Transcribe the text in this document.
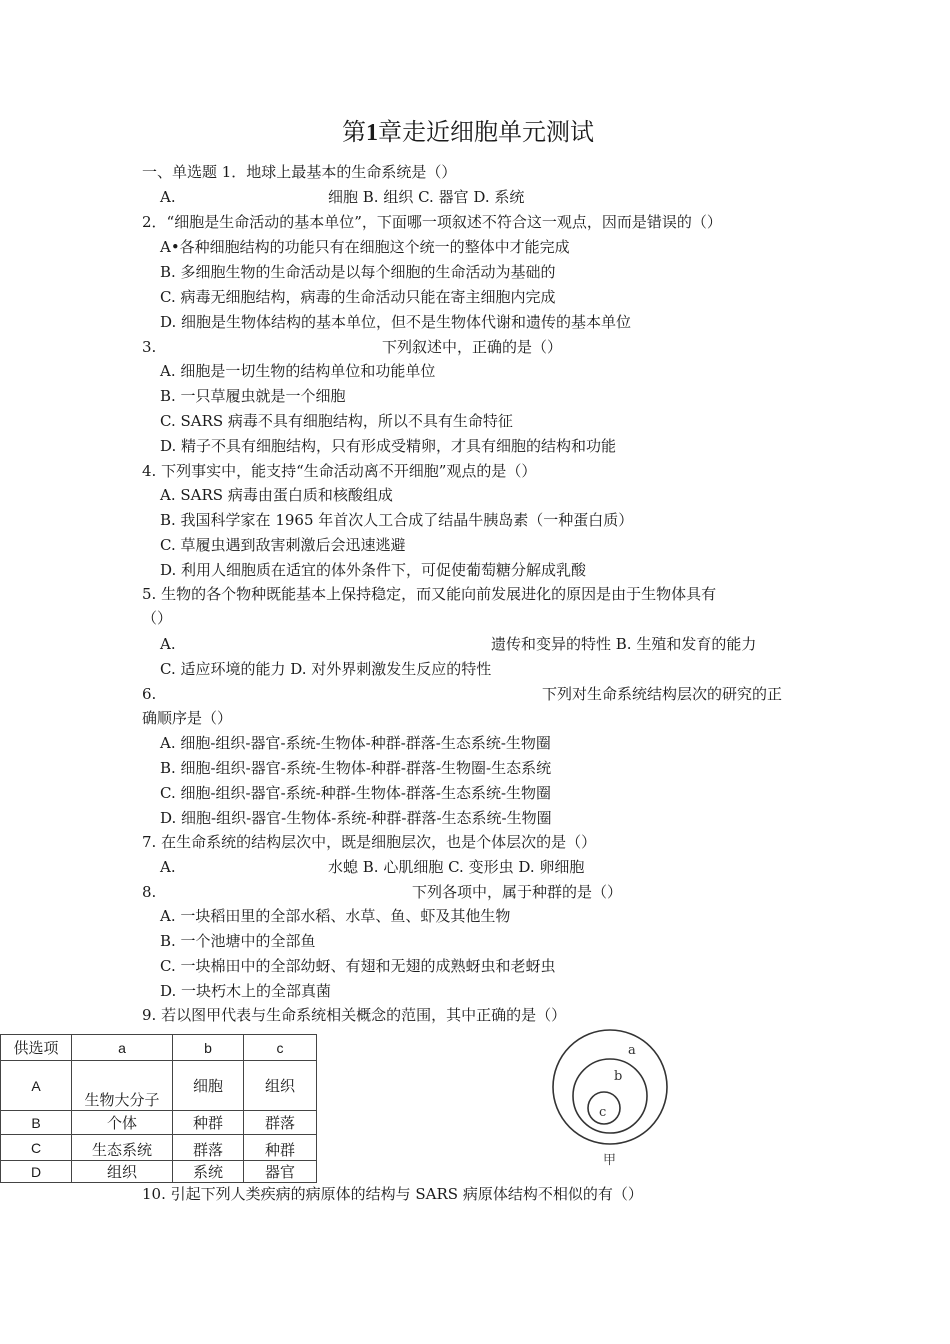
第1章走近细胞单元测试
一、单选题 1．地球上最基本的生命系统是（）
A.	细胞 B. 组织 C. 器官 D. 系统
2．“细胞是生命活动的基本单位”，下面哪一项叙述不符合这一观点，因而是错误的（）
A•各种细胞结构的功能只有在细胞这个统一的整体中才能完成
B. 多细胞生物的生命活动是以每个细胞的生命活动为基础的
C. 病毒无细胞结构，病毒的生命活动只能在寄主细胞内完成
D. 细胞是生物体结构的基本单位，但不是生物体代谢和遗传的基本单位
3.	下列叙述中，正确的是（）
A. 细胞是一切生物的结构单位和功能单位
B. 一只草履虫就是一个细胞
C. SARS 病毒不具有细胞结构，所以不具有生命特征
D. 精子不具有细胞结构，只有形成受精卵，才具有细胞的结构和功能
4. 下列事实中，能支持“生命活动离不开细胞”观点的是（）
A. SARS 病毒由蛋白质和核酸组成
B. 我国科学家在 1965 年首次人工合成了结晶牛胰岛素（一种蛋白质）
C. 草履虫遇到敌害刺激后会迅速逃避
D. 利用人细胞质在适宜的体外条件下，可促使葡萄糖分解成乳酸
5. 生物的各个物种既能基本上保持稳定，而又能向前发展进化的原因是由于生物体具有
（）
A.	遗传和变异的特性 B. 生殖和发育的能力
C. 适应环境的能力 D. 对外界刺激发生反应的特性
6.	下列对生命系统结构层次的研究的正
确顺序是（）
A. 细胞-组织-器官-系统-生物体-种群-群落-生态系统-生物圈
B. 细胞-组织-器官-系统-生物体-种群-群落-生物圈-生态系统
C. 细胞-组织-器官-系统-种群-生物体-群落-生态系统-生物圈
D. 细胞-组织-器官-生物体-系统-种群-群落-生态系统-生物圈
7. 在生命系统的结构层次中，既是细胞层次，也是个体层次的是（）
A.	水螅 B. 心肌细胞 C. 变形虫 D. 卵细胞
8.	下列各项中，属于种群的是（）
A. 一块稻田里的全部水稻、水草、鱼、虾及其他生物
B. 一个池塘中的全部鱼
C. 一块棉田中的全部幼蚜、有翅和无翅的成熟蚜虫和老蚜虫
D. 一块朽木上的全部真菌
9. 若以图甲代表与生命系统相关概念的范围，其中正确的是（）
供选项	a	b	c
A	生物大分子	细胞	组织
B	个体	种群	群落
C	生态系统	群落	种群
D	组织	系统	器官
a
b
c
甲
10. 引起下列人类疾病的病原体的结构与 SARS 病原体结构不相似的有（）
